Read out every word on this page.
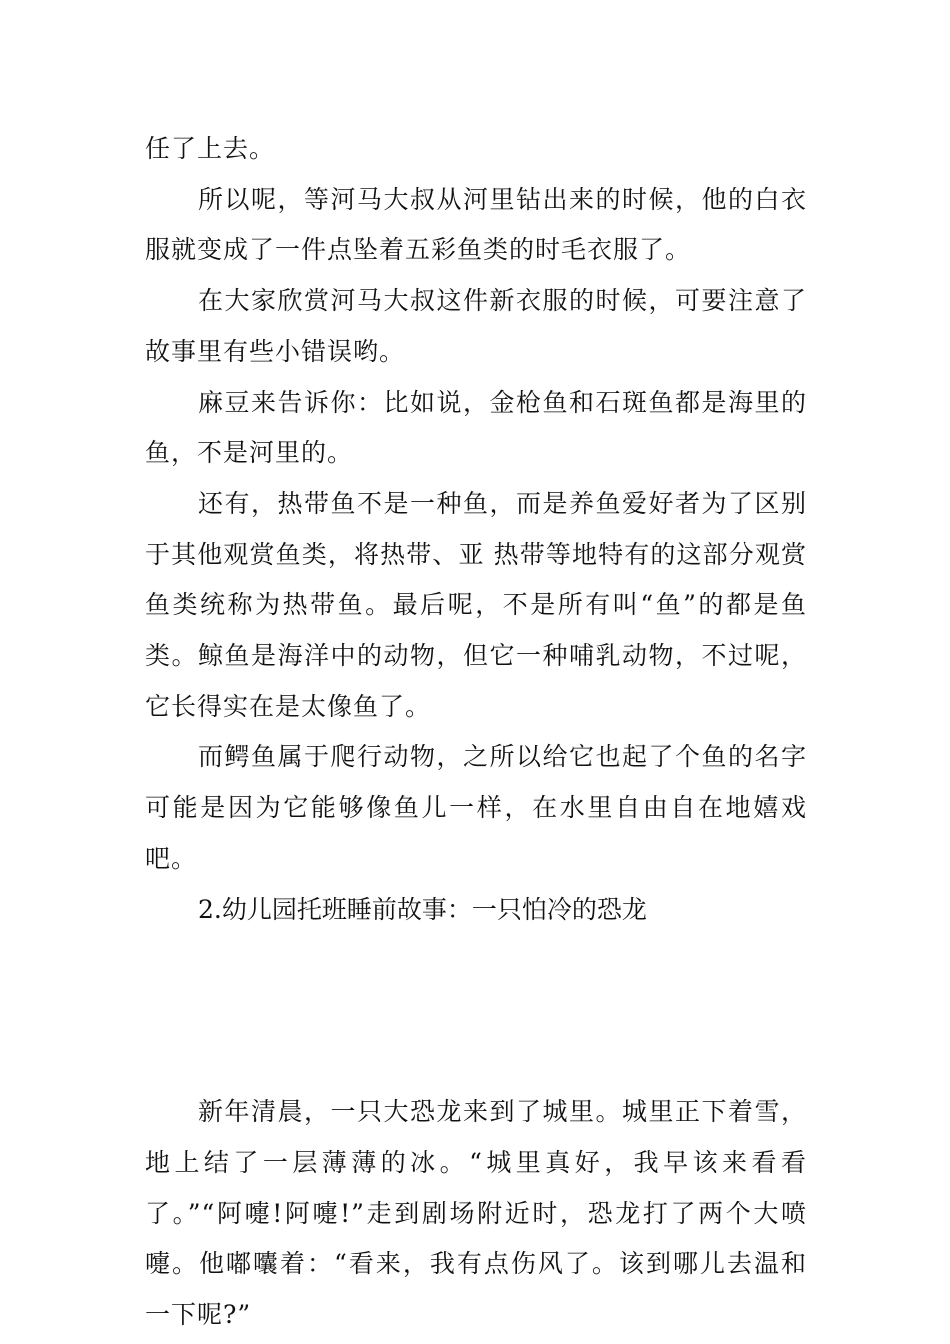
任了上去。

所以呢，等河马大叔从河里钻出来的时候，他的白衣服就变成了一件点坠着五彩鱼类的时毛衣服了。

在大家欣赏河马大叔这件新衣服的时候，可要注意了故事里有些小错误哟。

麻豆来告诉你：比如说，金枪鱼和石斑鱼都是海里的鱼，不是河里的。

还有，热带鱼不是一种鱼，而是养鱼爱好者为了区别于其他观赏鱼类，将热带、亚 热带等地特有的这部分观赏鱼类统称为热带鱼。最后呢，不是所有叫“鱼”的都是鱼类。鲸鱼是海洋中的动物，但它一种哺乳动物，不过呢，它长得实在是太像鱼了。

而鳄鱼属于爬行动物，之所以给它也起了个鱼的名字可能是因为它能够像鱼儿一样，在水里自由自在地嬉戏吧。

2.幼儿园托班睡前故事：一只怕冷的恐龙

新年清晨，一只大恐龙来到了城里。城里正下着雪，地上结了一层薄薄的冰。“城里真好，我早该来看看了。”“阿嚏!阿嚏!”走到剧场附近时，恐龙打了两个大喷嚏。他嘟囔着：“看来，我有点伤风了。该到哪儿去温和一下呢?”
